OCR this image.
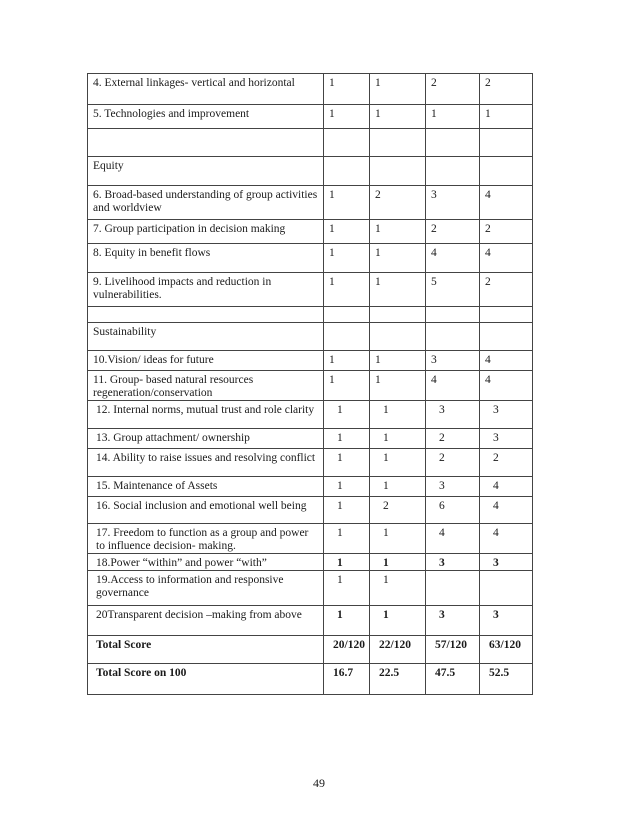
4. External linkages- vertical and horizontal	1	1	2	2
5. Technologies and improvement	1	1	1	1

Equity				
6. Broad-based understanding of group activities and worldview	1	2	3	4
7. Group participation in decision making	1	1	2	2
8. Equity in benefit flows	1	1	4	4
9. Livelihood impacts and reduction in vulnerabilities.	1	1	5	2

Sustainability				
10.Vision/ ideas for future	1	1	3	4
11. Group- based natural resources regeneration/conservation	1	1	4	4
12. Internal norms, mutual trust and role clarity	1	1	3	3
13. Group attachment/ ownership	1	1	2	3
14. Ability to raise issues and resolving conflict	1	1	2	2
15. Maintenance of Assets	1	1	3	4
16. Social inclusion and emotional well being	1	2	6	4
17. Freedom to function as a group and power to influence decision- making.	1	1	4	4
18.Power “within” and power “with”	1	1	3	3
19.Access to information and responsive governance	1	1		
20Transparent decision –making from above	1	1	3	3
Total Score	20/120	22/120	57/120	63/120
Total Score on 100	16.7	22.5	47.5	52.5
49
